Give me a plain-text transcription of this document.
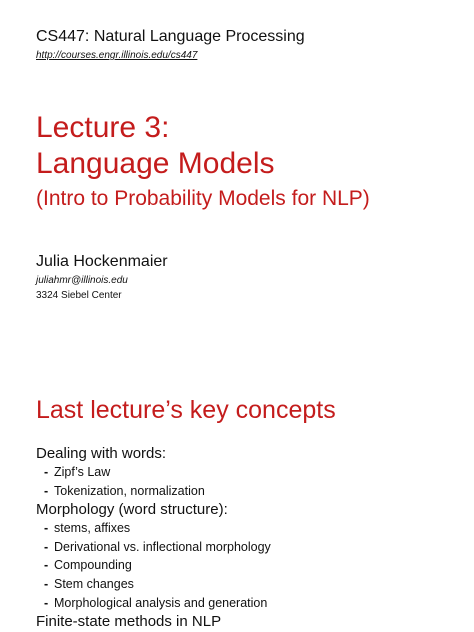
CS447: Natural Language Processing
http://courses.engr.illinois.edu/cs447
Lecture 3:
Language Models
(Intro to Probability Models for NLP)
Julia Hockenmaier
juliahmr@illinois.edu
3324 Siebel Center
Last lecture’s key concepts
Dealing with words:
- Zipf’s Law
- Tokenization, normalization
Morphology (word structure):
- stems, affixes
- Derivational vs. inflectional morphology
- Compounding
- Stem changes
- Morphological analysis and generation
Finite-state methods in NLP
